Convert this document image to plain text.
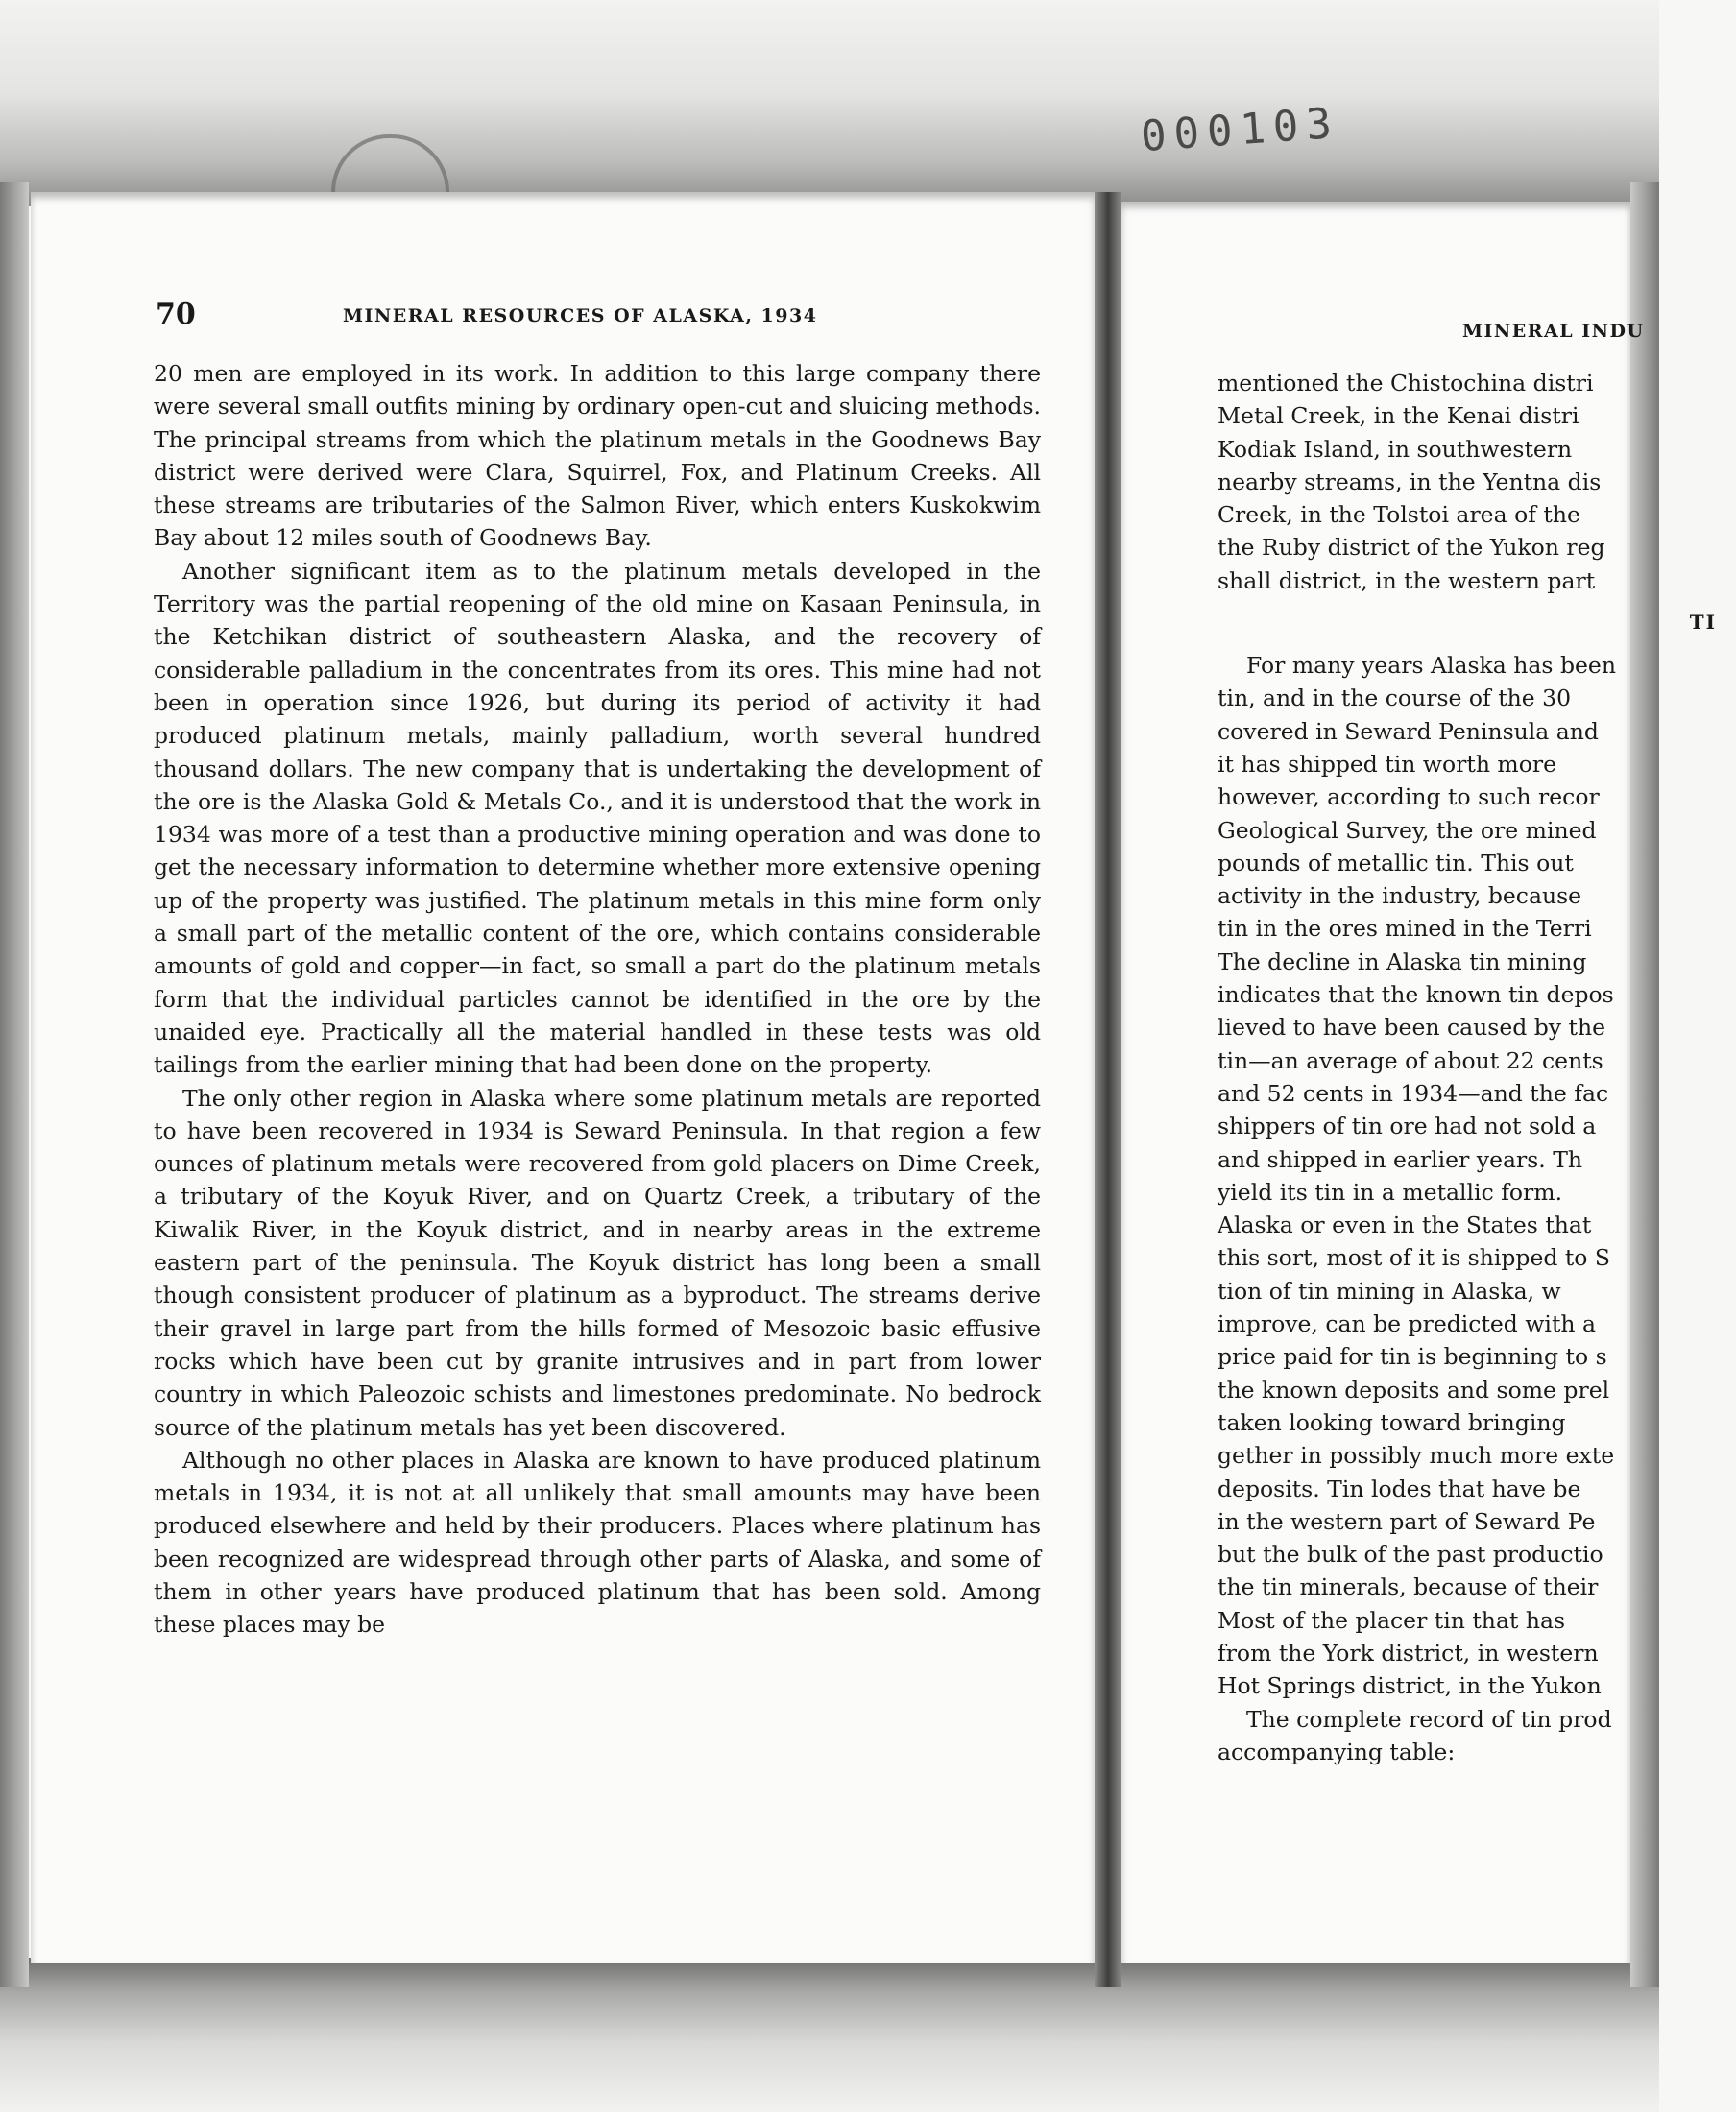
000103
70	MINERAL RESOURCES OF ALASKA, 1934

20 men are employed in its work. In addition to this large company there were several small outfits mining by ordinary open-cut and sluicing methods. The principal streams from which the platinum metals in the Goodnews Bay district were derived were Clara, Squirrel, Fox, and Platinum Creeks. All these streams are tributaries of the Salmon River, which enters Kuskokwim Bay about 12 miles south of Goodnews Bay.

Another significant item as to the platinum metals developed in the Territory was the partial reopening of the old mine on Kasaan Peninsula, in the Ketchikan district of southeastern Alaska, and the recovery of considerable palladium in the concentrates from its ores. This mine had not been in operation since 1926, but during its period of activity it had produced platinum metals, mainly palladium, worth several hundred thousand dollars. The new company that is undertaking the development of the ore is the Alaska Gold & Metals Co., and it is understood that the work in 1934 was more of a test than a productive mining operation and was done to get the necessary information to determine whether more extensive opening up of the property was justified. The platinum metals in this mine form only a small part of the metallic content of the ore, which contains considerable amounts of gold and copper—in fact, so small a part do the platinum metals form that the individual particles cannot be identified in the ore by the unaided eye. Practically all the material handled in these tests was old tailings from the earlier mining that had been done on the property.

The only other region in Alaska where some platinum metals are reported to have been recovered in 1934 is Seward Peninsula. In that region a few ounces of platinum metals were recovered from gold placers on Dime Creek, a tributary of the Koyuk River, and on Quartz Creek, a tributary of the Kiwalik River, in the Koyuk district, and in nearby areas in the extreme eastern part of the peninsula. The Koyuk district has long been a small though consistent producer of platinum as a byproduct. The streams derive their gravel in large part from the hills formed of Mesozoic basic effusive rocks which have been cut by granite intrusives and in part from lower country in which Paleozoic schists and limestones predominate. No bedrock source of the platinum metals has yet been discovered.

Although no other places in Alaska are known to have produced platinum metals in 1934, it is not at all unlikely that small amounts may have been produced elsewhere and held by their producers. Places where platinum has been recognized are widespread through other parts of Alaska, and some of them in other years have produced platinum that has been sold. Among these places may be

MINERAL INDU

mentioned the Chistochina distri

Metal Creek, in the Kenai distri

Kodiak Island, in southwestern

nearby streams, in the Yentna dis

Creek, in the Tolstoi area of the

the Ruby district of the Yukon reg

shall district, in the western part

TI

For many years Alaska has been

tin, and in the course of the 30

covered in Seward Peninsula and

it has shipped tin worth more

however, according to such recor

Geological Survey, the ore mined

pounds of metallic tin. This out

activity in the industry, because

tin in the ores mined in the Terri

The decline in Alaska tin mining

indicates that the known tin depos

lieved to have been caused by the

tin—an average of about 22 cents

and 52 cents in 1934—and the fac

shippers of tin ore had not sold a

and shipped in earlier years. Th

yield its tin in a metallic form.

Alaska or even in the States that

this sort, most of it is shipped to S

tion of tin mining in Alaska, w

improve, can be predicted with a

price paid for tin is beginning to s

the known deposits and some prel

taken looking toward bringing

gether in possibly much more exte

deposits. Tin lodes that have be

in the western part of Seward Pe

but the bulk of the past productio

the tin minerals, because of their

Most of the placer tin that has

from the York district, in western

Hot Springs district, in the Yukon

The complete record of tin prod

accompanying table:
